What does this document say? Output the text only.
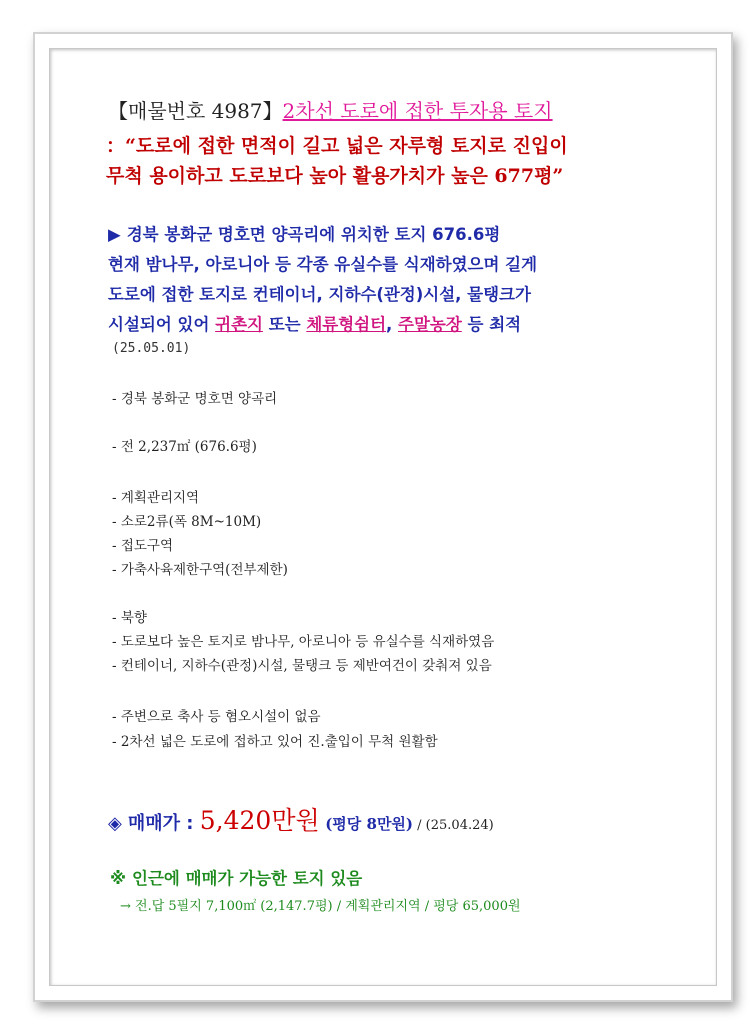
【매물번호 4987】2차선 도로에 접한 투자용 토지
：“도로에 접한 면적이 길고 넓은 자루형 토지로 진입이
무척 용이하고 도로보다 높아 활용가치가 높은 677평”
▶ 경북 봉화군 명호면 양곡리에 위치한 토지 676.6평
현재 밤나무, 아로니아 등 각종 유실수를 식재하였으며 길게
도로에 접한 토지로 컨테이너, 지하수(관정)시설, 물탱크가
시설되어 있어 귀촌지 또는 체류형쉼터, 주말농장 등 최적
(25.05.01)
- 경북 봉화군 명호면 양곡리
- 전 2,237㎡ (676.6평)
- 계획관리지역
- 소로2류(폭 8M~10M)
- 접도구역
- 가축사육제한구역(전부제한)
- 북향
- 도로보다 높은 토지로 밤나무, 아로니아 등 유실수를 식재하였음
- 컨테이너, 지하수(관정)시설, 물탱크 등 제반여건이 갖춰져 있음
- 주변으로 축사 등 혐오시설이 없음
- 2차선 넓은 도로에 접하고 있어 진.출입이 무척 원활함
◈ 매매가 : 5,420만원 (평당 8만원) / (25.04.24)
※ 인근에 매매가 가능한 토지 있음
→ 전.답 5필지 7,100㎡ (2,147.7평) / 계획관리지역 / 평당 65,000원
